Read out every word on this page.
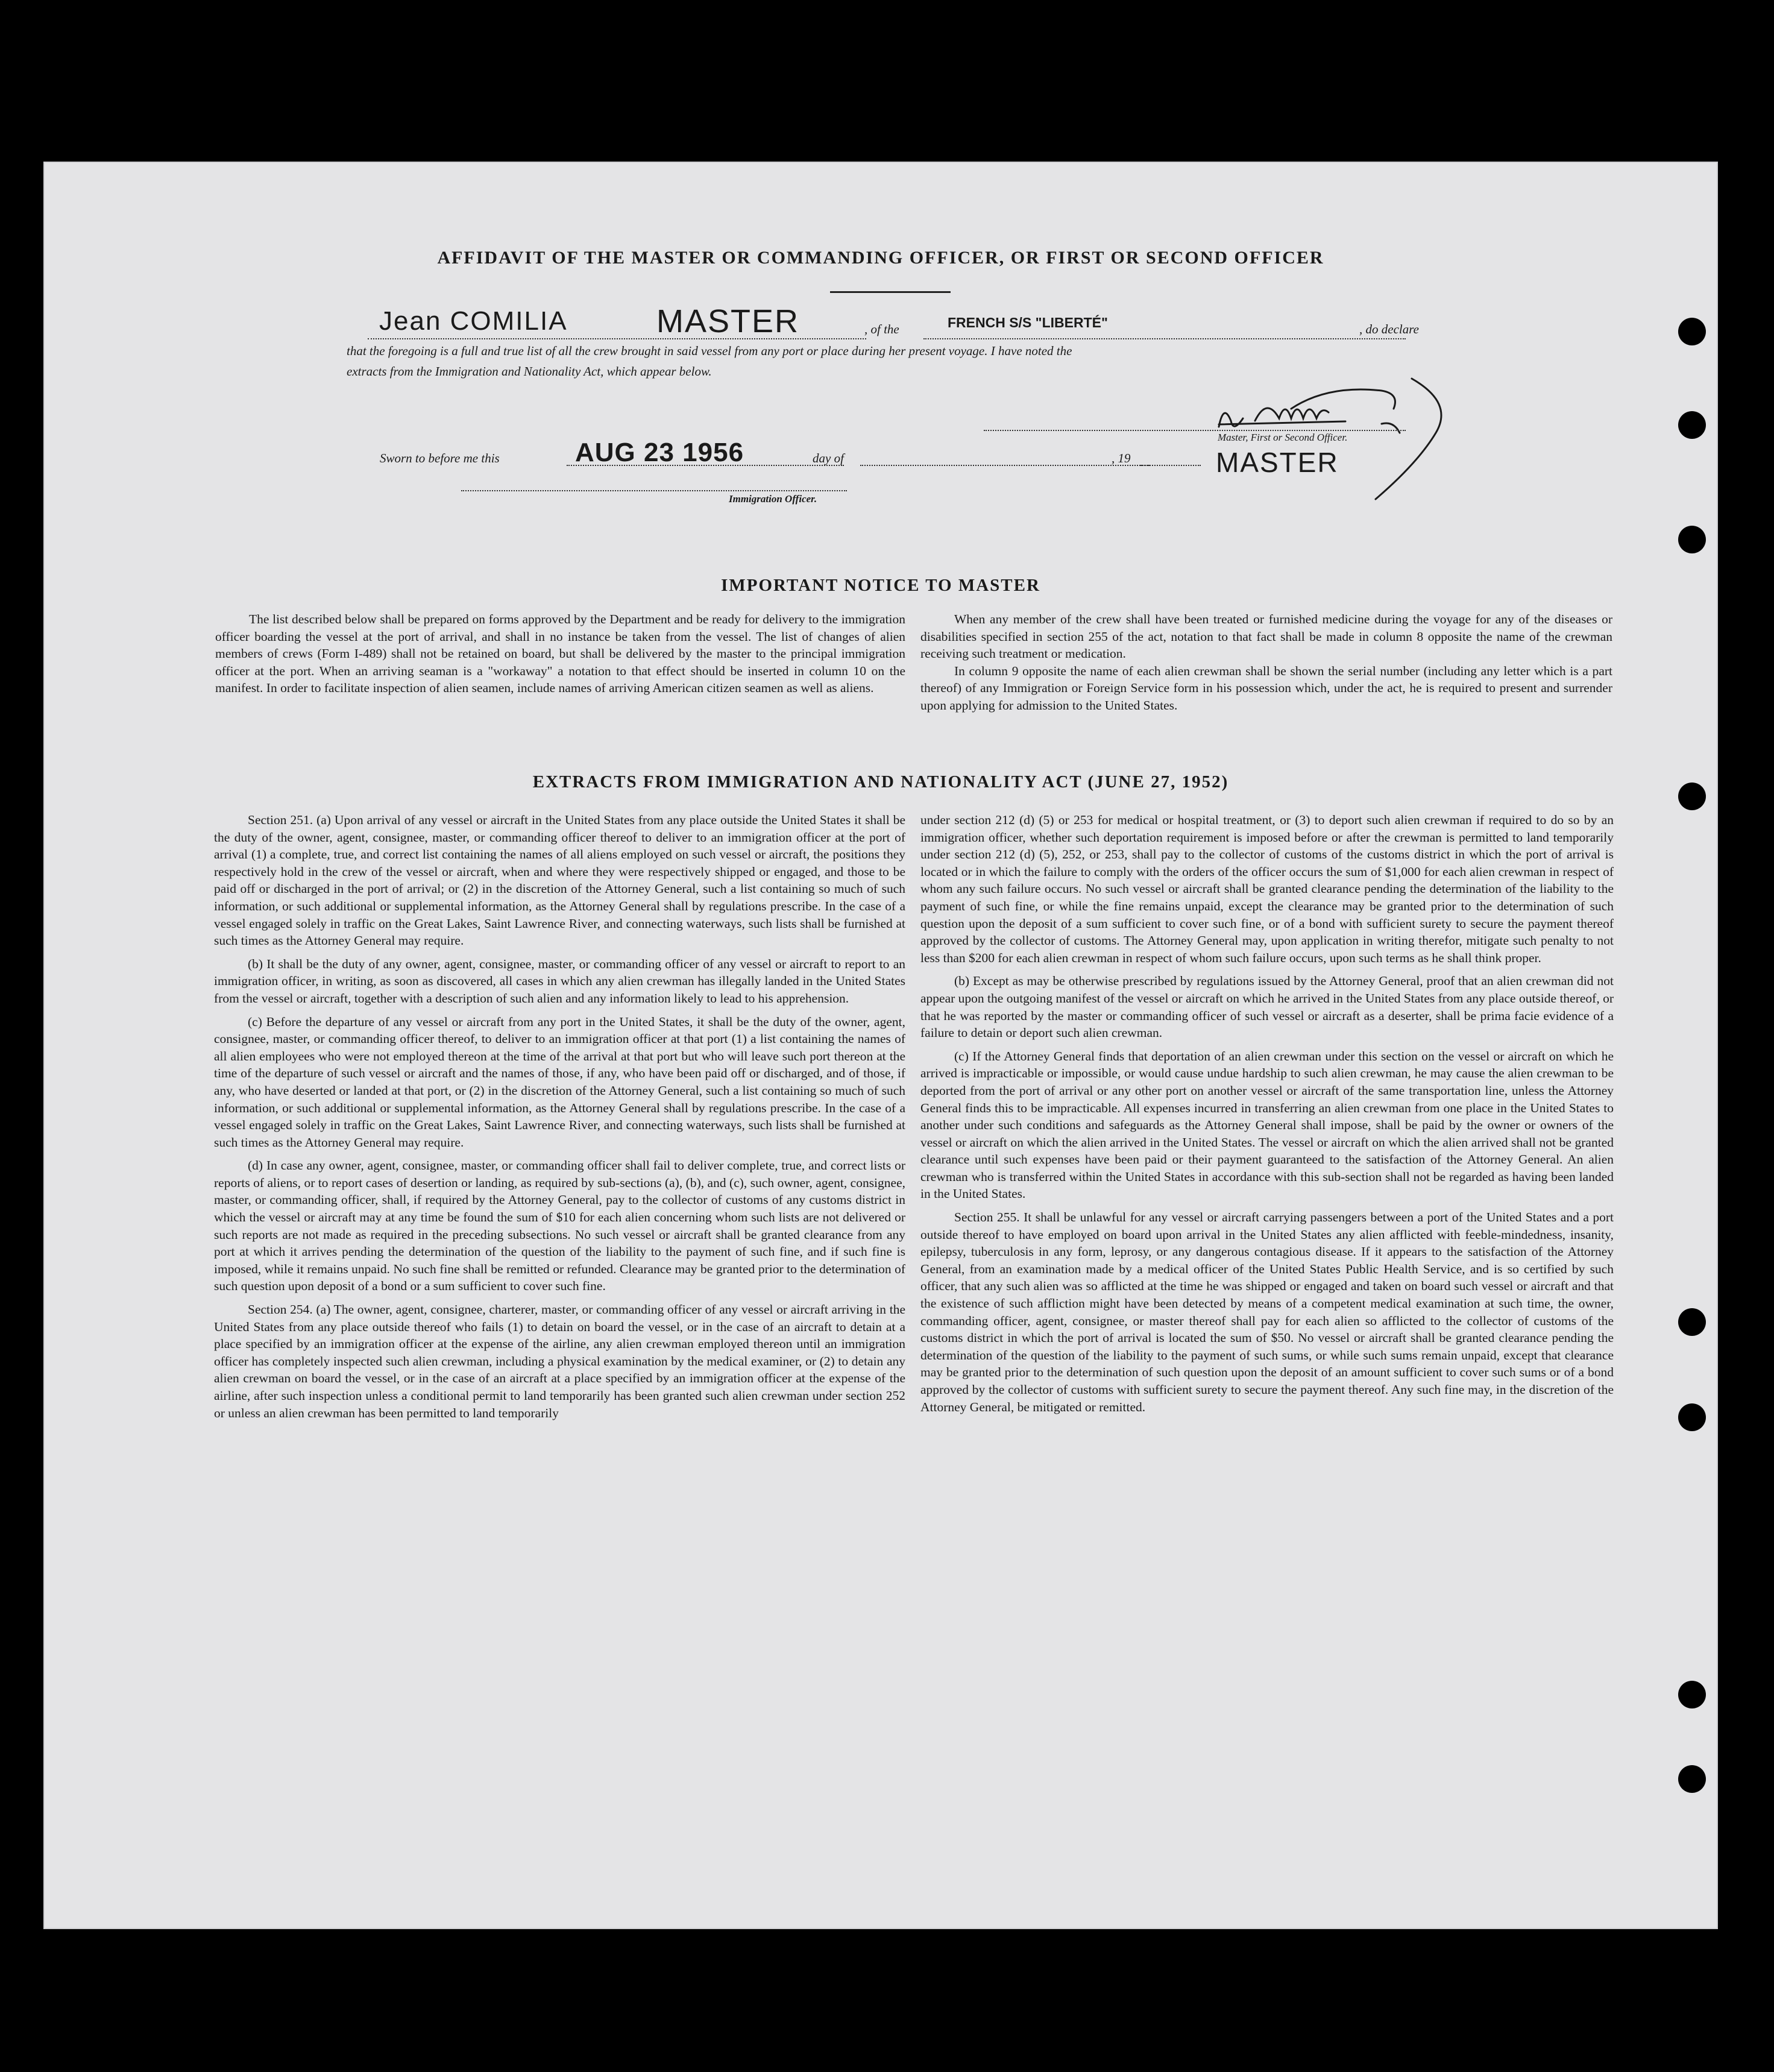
AFFIDAVIT OF THE MASTER OR COMMANDING OFFICER, OR FIRST OR SECOND OFFICER
Jean COMILIA	MASTER	, of the	FRENCH S/S "LIBERTÉ"	, do declare
that the foregoing is a full and true list of all the crew brought in said vessel from any port or place during her present voyage. I have noted the
extracts from the Immigration and Nationality Act, which appear below.
Master, First or Second Officer.
Sworn to before me this	AUG 23 1956	day of	, 19	MASTER
Immigration Officer.
IMPORTANT NOTICE TO MASTER

The list described below shall be prepared on forms approved by the Department and be ready for delivery to the immigration officer boarding the vessel at the port of arrival, and shall in no instance be taken from the vessel. The list of changes of alien members of crews (Form I-489) shall not be retained on board, but shall be delivered by the master to the principal immigration officer at the port. When an arriving seaman is a "workaway" a notation to that effect should be inserted in column 10 on the manifest. In order to facilitate inspection of alien seamen, include names of arriving American citizen seamen as well as aliens.

When any member of the crew shall have been treated or furnished medicine during the voyage for any of the diseases or disabilities specified in section 255 of the act, notation to that fact shall be made in column 8 opposite the name of the crewman receiving such treatment or medication.

In column 9 opposite the name of each alien crewman shall be shown the serial number (including any letter which is a part thereof) of any Immigration or Foreign Service form in his possession which, under the act, he is required to present and surrender upon applying for admission to the United States.

EXTRACTS FROM IMMIGRATION AND NATIONALITY ACT (JUNE 27, 1952)

Section 251. (a) Upon arrival of any vessel or aircraft in the United States from any place outside the United States it shall be the duty of the owner, agent, consignee, master, or commanding officer thereof to deliver to an immigration officer at the port of arrival (1) a complete, true, and correct list containing the names of all aliens employed on such vessel or aircraft, the positions they respectively hold in the crew of the vessel or aircraft, when and where they were respectively shipped or engaged, and those to be paid off or discharged in the port of arrival; or (2) in the discretion of the Attorney General, such a list containing so much of such information, or such additional or supplemental information, as the Attorney General shall by regulations prescribe. In the case of a vessel engaged solely in traffic on the Great Lakes, Saint Lawrence River, and connecting waterways, such lists shall be furnished at such times as the Attorney General may require.

(b) It shall be the duty of any owner, agent, consignee, master, or commanding officer of any vessel or aircraft to report to an immigration officer, in writing, as soon as discovered, all cases in which any alien crewman has illegally landed in the United States from the vessel or aircraft, together with a description of such alien and any information likely to lead to his apprehension.

(c) Before the departure of any vessel or aircraft from any port in the United States, it shall be the duty of the owner, agent, consignee, master, or commanding officer thereof, to deliver to an immigration officer at that port (1) a list containing the names of all alien employees who were not employed thereon at the time of the arrival at that port but who will leave such port thereon at the time of the departure of such vessel or aircraft and the names of those, if any, who have been paid off or discharged, and of those, if any, who have deserted or landed at that port, or (2) in the discretion of the Attorney General, such a list containing so much of such information, or such additional or supplemental information, as the Attorney General shall by regulations prescribe. In the case of a vessel engaged solely in traffic on the Great Lakes, Saint Lawrence River, and connecting waterways, such lists shall be furnished at such times as the Attorney General may require.

(d) In case any owner, agent, consignee, master, or commanding officer shall fail to deliver complete, true, and correct lists or reports of aliens, or to report cases of desertion or landing, as required by sub-sections (a), (b), and (c), such owner, agent, consignee, master, or commanding officer, shall, if required by the Attorney General, pay to the collector of customs of any customs district in which the vessel or aircraft may at any time be found the sum of $10 for each alien concerning whom such lists are not delivered or such reports are not made as required in the preceding subsections. No such vessel or aircraft shall be granted clearance from any port at which it arrives pending the determination of the question of the liability to the payment of such fine, and if such fine is imposed, while it remains unpaid. No such fine shall be remitted or refunded. Clearance may be granted prior to the determination of such question upon deposit of a bond or a sum sufficient to cover such fine.

Section 254. (a) The owner, agent, consignee, charterer, master, or commanding officer of any vessel or aircraft arriving in the United States from any place outside thereof who fails (1) to detain on board the vessel, or in the case of an aircraft to detain at a place specified by an immigration officer at the expense of the airline, any alien crewman employed thereon until an immigration officer has completely inspected such alien crewman, including a physical examination by the medical examiner, or (2) to detain any alien crewman on board the vessel, or in the case of an aircraft at a place specified by an immigration officer at the expense of the airline, after such inspection unless a conditional permit to land temporarily has been granted such alien crewman under section 252 or unless an alien crewman has been permitted to land temporarily

under section 212 (d) (5) or 253 for medical or hospital treatment, or (3) to deport such alien crewman if required to do so by an immigration officer, whether such deportation requirement is imposed before or after the crewman is permitted to land temporarily under section 212 (d) (5), 252, or 253, shall pay to the collector of customs of the customs district in which the port of arrival is located or in which the failure to comply with the orders of the officer occurs the sum of $1,000 for each alien crewman in respect of whom any such failure occurs. No such vessel or aircraft shall be granted clearance pending the determination of the liability to the payment of such fine, or while the fine remains unpaid, except the clearance may be granted prior to the determination of such question upon the deposit of a sum sufficient to cover such fine, or of a bond with sufficient surety to secure the payment thereof approved by the collector of customs. The Attorney General may, upon application in writing therefor, mitigate such penalty to not less than $200 for each alien crewman in respect of whom such failure occurs, upon such terms as he shall think proper.

(b) Except as may be otherwise prescribed by regulations issued by the Attorney General, proof that an alien crewman did not appear upon the outgoing manifest of the vessel or aircraft on which he arrived in the United States from any place outside thereof, or that he was reported by the master or commanding officer of such vessel or aircraft as a deserter, shall be prima facie evidence of a failure to detain or deport such alien crewman.

(c) If the Attorney General finds that deportation of an alien crewman under this section on the vessel or aircraft on which he arrived is impracticable or impossible, or would cause undue hardship to such alien crewman, he may cause the alien crewman to be deported from the port of arrival or any other port on another vessel or aircraft of the same transportation line, unless the Attorney General finds this to be impracticable. All expenses incurred in transferring an alien crewman from one place in the United States to another under such conditions and safeguards as the Attorney General shall impose, shall be paid by the owner or owners of the vessel or aircraft on which the alien arrived in the United States. The vessel or aircraft on which the alien arrived shall not be granted clearance until such expenses have been paid or their payment guaranteed to the satisfaction of the Attorney General. An alien crewman who is transferred within the United States in accordance with this sub-section shall not be regarded as having been landed in the United States.

Section 255. It shall be unlawful for any vessel or aircraft carrying passengers between a port of the United States and a port outside thereof to have employed on board upon arrival in the United States any alien afflicted with feeble-mindedness, insanity, epilepsy, tuberculosis in any form, leprosy, or any dangerous contagious disease. If it appears to the satisfaction of the Attorney General, from an examination made by a medical officer of the United States Public Health Service, and is so certified by such officer, that any such alien was so afflicted at the time he was shipped or engaged and taken on board such vessel or aircraft and that the existence of such affliction might have been detected by means of a competent medical examination at such time, the owner, commanding officer, agent, consignee, or master thereof shall pay for each alien so afflicted to the collector of customs of the customs district in which the port of arrival is located the sum of $50. No vessel or aircraft shall be granted clearance pending the determination of the question of the liability to the payment of such sums, or while such sums remain unpaid, except that clearance may be granted prior to the determination of such question upon the deposit of an amount sufficient to cover such sums or of a bond approved by the collector of customs with sufficient surety to secure the payment thereof. Any such fine may, in the discretion of the Attorney General, be mitigated or remitted.
